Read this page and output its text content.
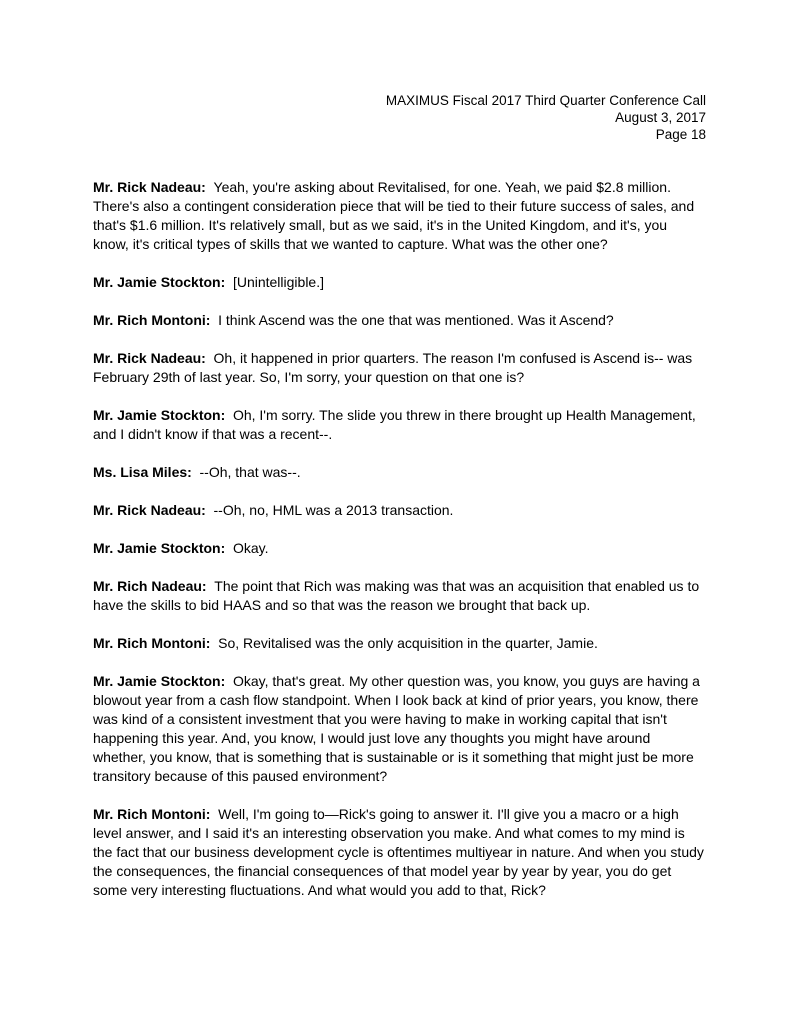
MAXIMUS Fiscal 2017 Third Quarter Conference Call
August 3, 2017
Page 18

Mr. Rick Nadeau: Yeah, you're asking about Revitalised, for one. Yeah, we paid $2.8 million. There's also a contingent consideration piece that will be tied to their future success of sales, and that's $1.6 million. It's relatively small, but as we said, it's in the United Kingdom, and it's, you know, it's critical types of skills that we wanted to capture. What was the other one?

Mr. Jamie Stockton: [Unintelligible.]

Mr. Rich Montoni: I think Ascend was the one that was mentioned. Was it Ascend?

Mr. Rick Nadeau: Oh, it happened in prior quarters. The reason I'm confused is Ascend is-- was February 29th of last year. So, I'm sorry, your question on that one is?

Mr. Jamie Stockton: Oh, I'm sorry. The slide you threw in there brought up Health Management, and I didn't know if that was a recent--.

Ms. Lisa Miles: --Oh, that was--.

Mr. Rick Nadeau: --Oh, no, HML was a 2013 transaction.

Mr. Jamie Stockton: Okay.

Mr. Rich Nadeau: The point that Rich was making was that was an acquisition that enabled us to have the skills to bid HAAS and so that was the reason we brought that back up.

Mr. Rich Montoni: So, Revitalised was the only acquisition in the quarter, Jamie.

Mr. Jamie Stockton: Okay, that's great. My other question was, you know, you guys are having a blowout year from a cash flow standpoint. When I look back at kind of prior years, you know, there was kind of a consistent investment that you were having to make in working capital that isn't happening this year. And, you know, I would just love any thoughts you might have around whether, you know, that is something that is sustainable or is it something that might just be more transitory because of this paused environment?

Mr. Rich Montoni: Well, I'm going to—Rick's going to answer it. I'll give you a macro or a high level answer, and I said it's an interesting observation you make. And what comes to my mind is the fact that our business development cycle is oftentimes multiyear in nature. And when you study the consequences, the financial consequences of that model year by year by year, you do get some very interesting fluctuations. And what would you add to that, Rick?
